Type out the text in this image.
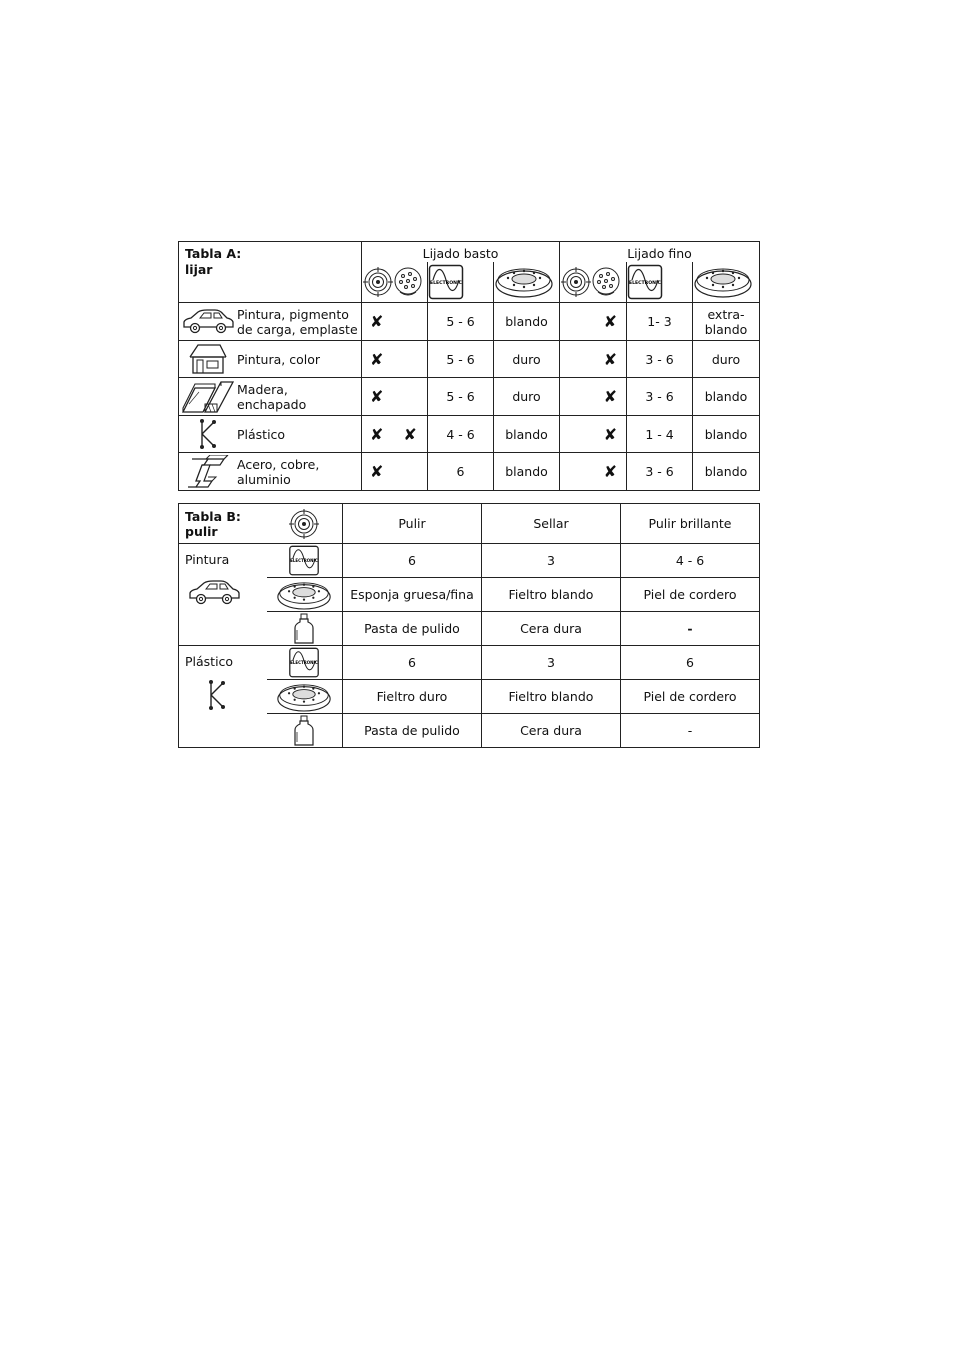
Tabla A:
lijar	Lijado basto			Lijado fino		

ELECTRONIC			ELECTRONIC

Pintura, pigmento de carga, emplaste	✘	5 - 6	blando	✘	1- 3	extra-blando

Pintura, color	✘	5 - 6	duro	✘	3 - 6	duro

Madera, enchapado	✘	5 - 6	duro	✘	3 - 6	blando

Plástico	✘ ✘	4 - 6	blando	✘	1 - 4	blando

Acero, cobre, aluminio	✘	6	blando	✘	3 - 6	blando
Tabla B:
pulir		Pulir	Sellar	Pulir brillante

Pintura	ELECTRONIC	6	3	4 - 6

	Esponja gruesa/fina	Fieltro blando	Piel de cordero

	Pasta de pulido	Cera dura	-

Plástico	ELECTRONIC	6	3	6

	Fieltro duro	Fieltro blando	Piel de cordero

	Pasta de pulido	Cera dura	-
